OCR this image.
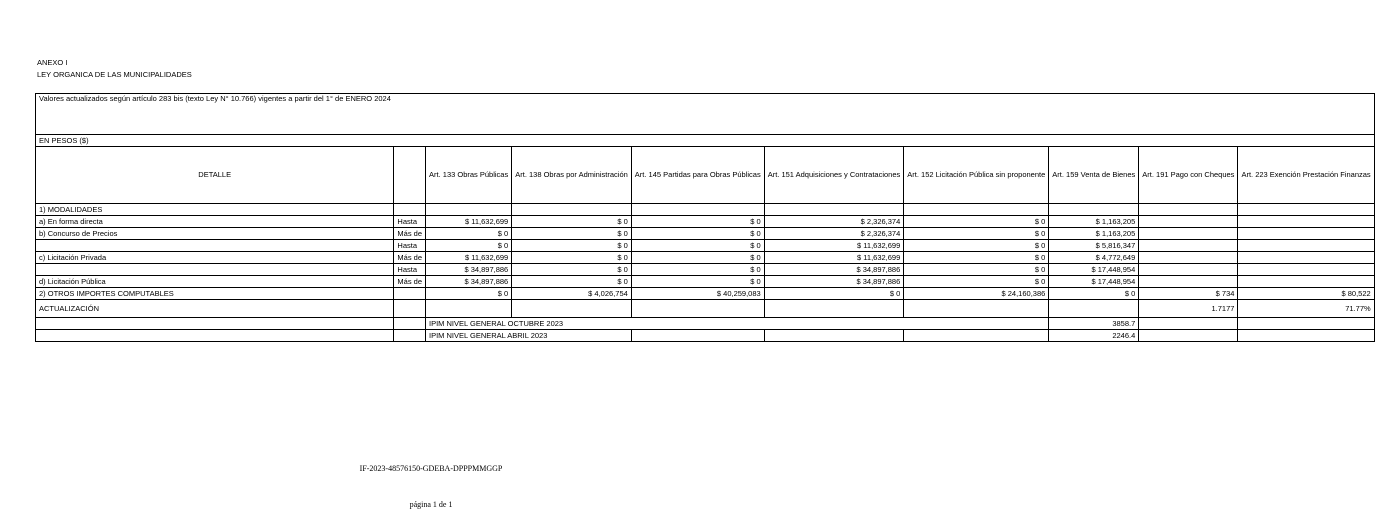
ANEXO I
LEY ORGANICA DE LAS MUNICIPALIDADES
Valores actualizados según artículo 283 bis (texto Ley N° 10.766) vigentes a partir del 1° de ENERO 2024									
EN PESOS ($)									
DETALLE		Art. 133 Obras Públicas	Art. 138 Obras por Administración	Art. 145 Partidas para Obras Públicas	Art. 151 Adquisiciones y Contrataciones	Art. 152 Licitación Pública sin proponente	Art. 159 Venta de Bienes	Art. 191 Pago con Cheques	Art. 223 Exención Prestación Finanzas
1) MODALIDADES									
a) En forma directa	Hasta	$ 11,632,699	$ 0	$ 0	$ 2,326,374	$ 0	$ 1,163,205		
b) Concurso de Precios	Más de	$ 0	$ 0	$ 0	$ 2,326,374	$ 0	$ 1,163,205		
	Hasta	$ 0	$ 0	$ 0	$ 11,632,699	$ 0	$ 5,816,347		
c) Licitación Privada	Más de	$ 11,632,699	$ 0	$ 0	$ 11,632,699	$ 0	$ 4,772,649		
	Hasta	$ 34,897,886	$ 0	$ 0	$ 34,897,886	$ 0	$ 17,448,954		
d) Licitación Pública	Más de	$ 34,897,886	$ 0	$ 0	$ 34,897,886	$ 0	$ 17,448,954		
2) OTROS IMPORTES COMPUTABLES		$ 0	$ 4,026,754	$ 40,259,083	$ 0	$ 24,160,386	$ 0	$ 734	$ 80,522
ACTUALIZACIÓN								1.7177	71.77%
		IPIM NIVEL GENERAL OCTUBRE 2023					3858.7		
		IPIM NIVEL GENERAL ABRIL 2023					2246.4		
IF-2023-48576150-GDEBA-DPPPMMGGP
página 1 de 1
